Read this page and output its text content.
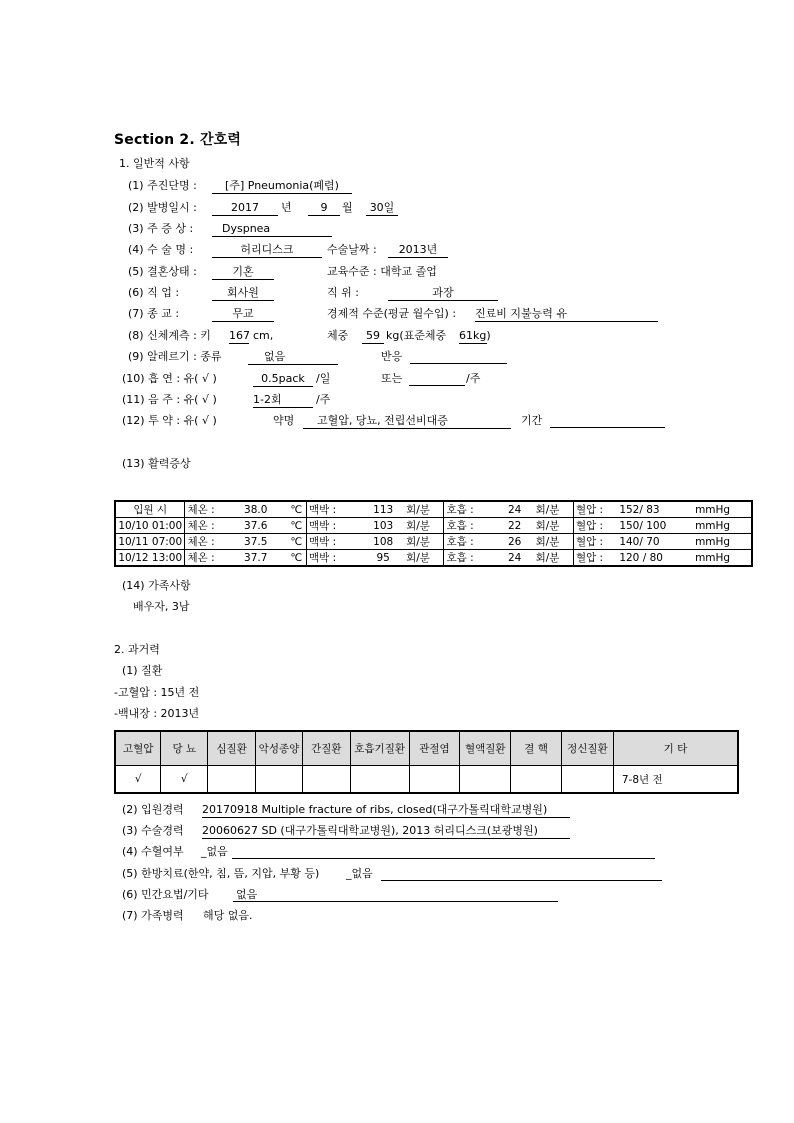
Section 2. 간호력
1. 일반적 사항
(1) 주진단명 :	[주] Pneumonia(폐렴)
(2) 발병일시 :	2017	년	9	월	30일
(3) 주 증 상 :	Dyspnea
(4) 수 술 명 :	허리디스크	수술날짜 :	2013년
(5) 결혼상태 :	기혼	교육수준 : 대학교 졸업
(6) 직 업 :	회사원	직 위 :	과장
(7) 종 교 :	무교	경제적 수준(평균 월수입) : 진료비 지불능력 유
(8) 신체계측 : 키 167 cm,	체중	59 kg(표준체중 61kg)
(9) 알레르기 : 종류	없음	반응
(10) 흡 연 : 유( √ )	0.5pack	/일	또는	/주
(11) 음 주 : 유( √ )	1-2회	/주
(12) 투 약 : 유( √ )	약명	고혈압, 당뇨, 전립선비대증	기간
(13) 활력증상
입원 시	체온 :	38.0	℃	맥박 :	113	회/분	호흡 :	24	회/분	혈압 :	152/ 83	mmHg
10/10 01:00	체온 :	37.6	℃	맥박 :	103	회/분	호흡 :	22	회/분	혈압 :	150/ 100	mmHg
10/11 07:00	체온 :	37.5	℃	맥박 :	108	회/분	호흡 :	26	회/분	혈압 :	140/ 70	mmHg
10/12 13:00	체온 :	37.7	℃	맥박 :	95	회/분	호흡 :	24	회/분	혈압 :	120 / 80	mmHg
(14) 가족사항
배우자, 3남
2. 과거력
(1) 질환
-고혈압 : 15년 전
-백내장 : 2013년
고혈압	당 뇨	심질환	악성종양	간질환	호흡기질환	관절염	혈액질환	결 핵	정신질환	기 타
√	√									7-8년 전
(2) 입원경력 20170918 Multiple fracture of ribs, closed(대구가톨릭대학교병원)
(3) 수술경력 20060627 SD (대구가톨릭대학교병원), 2013 허리디스크(보광병원)
(4) 수혈여부 _없음
(5) 한방치료(한약, 침, 뜸, 지압, 부황 등) _없음
(6) 민간요법/기타 없음
(7) 가족병력 해당 없음.
